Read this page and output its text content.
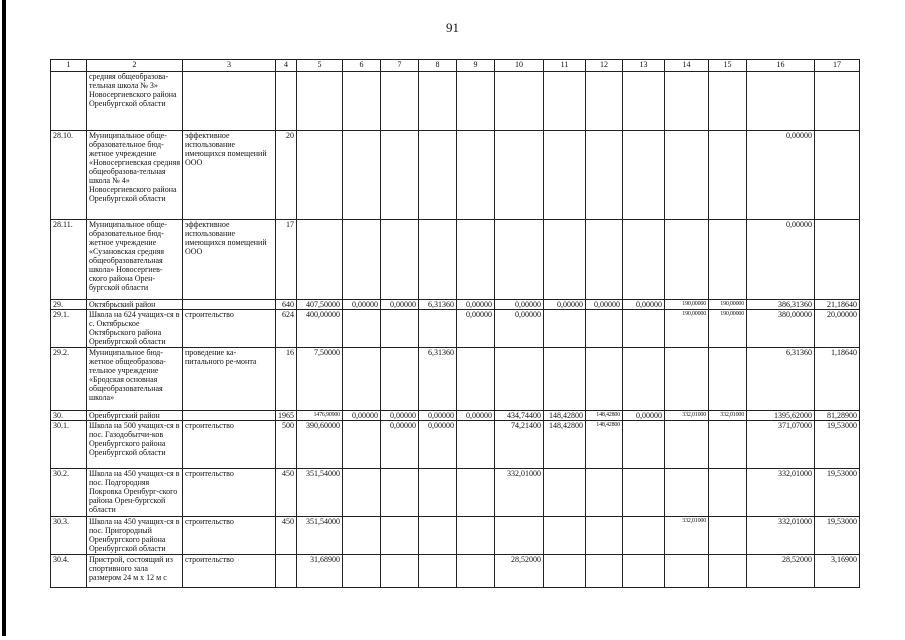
91
1	2	3	4	5	6	7	8	9	10	11	12	13	14	15	16	17
	средняя общеобразова-тельная школа № 3» Новосергиевского района Оренбургской области															
28.10.	Муниципальное обще-образовательное бюд-жетное учреждение «Новосергиевская средняя общеобразова-тельная школа № 4» Новосергиевского района Оренбургской области	эффективное использование имеющихся помещений ООО	20												0,00000	
28.11.	Муниципальное обще-образовательное бюд-жетное учреждение «Сузановская средняя общеобразовательная школа» Новосергиев-ского района Орен-бургской области	эффективное использование имеющихся помещений ООО	17												0,00000	
29.	Октябрьский район		640	407,50000	0,00000	0,00000	6,31360	0,00000	0,00000	0,00000	0,00000	0,00000	190,00000	190,00000	386,31360	21,18640
29.1.	Школа на 624 учащих-ся в с. Октябрьское Октябрьского района Оренбургской области	строительство	624	400,00000				0,00000	0,00000				190,00000	190,00000	380,00000	20,00000
29.2.	Муниципальное бюд-жетное общеобразова-тельное учреждение «Бродская основная общеобразовательная школа»	проведение ка-питального ре-монта	16	7,50000			6,31360								6,31360	1,18640
30.	Оренбургский район		1965	1476,90900	0,00000	0,00000	0,00000	0,00000	434,74400	148,42800	148,42800	0,00000	332,01000	332,01000	1395,62000	81,28900
30.1.	Школа на 500 учащих-ся в пос. Газодобытчи-ков Оренбургского района Оренбургской области	строительство	500	390,60000		0,00000	0,00000		74,21400	148,42800	148,42800				371,07000	19,53000
30.2.	Школа на 450 учащих-ся в пос. Подгородняя Покровка Оренбург-ского района Орен-бургской области	строительство	450	351,54000					332,01000						332,01000	19,53000
30.3.	Школа на 450 учащих-ся в пос. Пригородный Оренбургского района Оренбургской области	строительство	450	351,54000									332,01000		332,01000	19,53000
30.4.	Пристрой, состоящий из спортивного зала размером 24 м х 12 м с	строительство		31,68900					28,52000						28,52000	3,16900
